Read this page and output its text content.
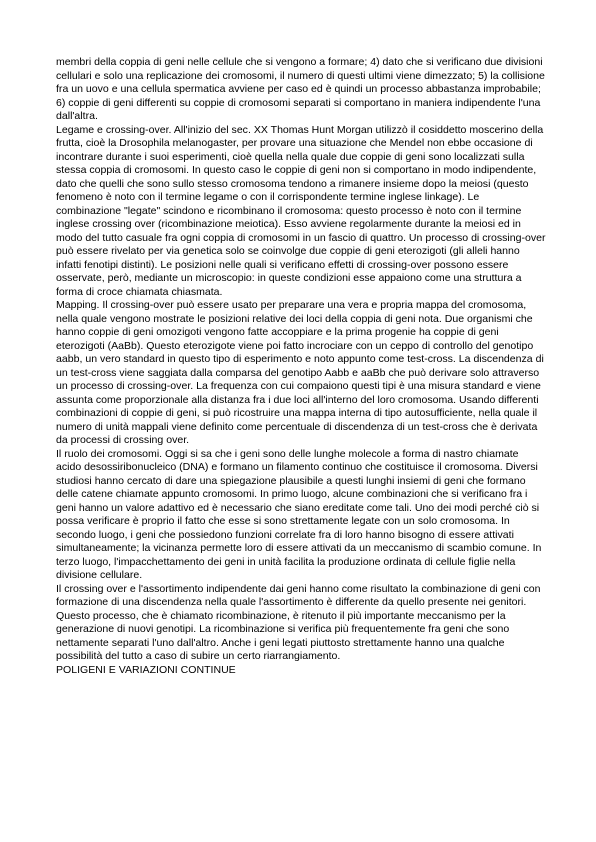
membri della coppia di geni nelle cellule che si vengono a formare; 4) dato che si verificano due divisioni cellulari e solo una replicazione dei cromosomi, il numero di questi ultimi viene dimezzato; 5) la collisione fra un uovo e una cellula spermatica avviene per caso ed è quindi un processo abbastanza improbabile; 6) coppie di geni differenti su coppie di cromosomi separati si comportano in maniera indipendente l'una dall'altra.

Legame e crossing-over. All'inizio del sec. XX Thomas Hunt Morgan utilizzò il cosiddetto moscerino della frutta, cioè la Drosophila melanogaster, per provare una situazione che Mendel non ebbe occasione di incontrare durante i suoi esperimenti, cioè quella nella quale due coppie di geni sono localizzati sulla stessa coppia di cromosomi. In questo caso le coppie di geni non si comportano in modo indipendente, dato che quelli che sono sullo stesso cromosoma tendono a rimanere insieme dopo la meiosi (questo fenomeno è noto con il termine legame o con il corrispondente termine inglese linkage). Le combinazione "legate" scindono e ricombinano il cromosoma: questo processo è noto con il termine inglese crossing over (ricombinazione meiotica). Esso avviene regolarmente durante la meiosi ed in modo del tutto casuale fra ogni coppia di cromosomi in un fascio di quattro. Un processo di crossing-over può essere rivelato per via genetica solo se coinvolge due coppie di geni eterozigoti (gli alleli hanno infatti fenotipi distinti). Le posizioni nelle quali si verificano effetti di crossing-over possono essere osservate, però, mediante un microscopio: in queste condizioni esse appaiono come una struttura a forma di croce chiamata chiasmata.

Mapping. Il crossing-over può essere usato per preparare una vera e propria mappa del cromosoma, nella quale vengono mostrate le posizioni relative dei loci della coppia di geni nota. Due organismi che hanno coppie di geni omozigoti vengono fatte accoppiare e la prima progenie ha coppie di geni eterozigoti (AaBb). Questo eterozigote viene poi fatto incrociare con un ceppo di controllo del genotipo aabb, un vero standard in questo tipo di esperimento e noto appunto come test-cross. La discendenza di un test-cross viene saggiata dalla comparsa del genotipo Aabb e aaBb che può derivare solo attraverso un processo di crossing-over. La frequenza con cui compaiono questi tipi è una misura standard e viene assunta come proporzionale alla distanza fra i due loci all'interno del loro cromosoma. Usando differenti combinazioni di coppie di geni, si può ricostruire una mappa interna di tipo autosufficiente, nella quale il numero di unità mappali viene definito come percentuale di discendenza di un test-cross che è derivata da processi di crossing over.

Il ruolo dei cromosomi. Oggi si sa che i geni sono delle lunghe molecole a forma di nastro chiamate acido desossiribonucleico (DNA) e formano un filamento continuo che costituisce il cromosoma. Diversi studiosi hanno cercato di dare una spiegazione plausibile a questi lunghi insiemi di geni che formano delle catene chiamate appunto cromosomi. In primo luogo, alcune combinazioni che si verificano fra i geni hanno un valore adattivo ed è necessario che siano ereditate come tali. Uno dei modi perché ciò si possa verificare è proprio il fatto che esse si sono strettamente legate con un solo cromosoma. In secondo luogo, i geni che possiedono funzioni correlate fra di loro hanno bisogno di essere attivati simultaneamente; la vicinanza permette loro di essere attivati da un meccanismo di scambio comune. In terzo luogo, l'impacchettamento dei geni in unità facilita la produzione ordinata di cellule figlie nella divisione cellulare.

Il crossing over e l'assortimento indipendente dai geni hanno come risultato la combinazione di geni con formazione di una discendenza nella quale l'assortimento è differente da quello presente nei genitori. Questo processo, che è chiamato ricombinazione, è ritenuto il più importante meccanismo per la generazione di nuovi genotipi. La ricombinazione si verifica più frequentemente fra geni che sono nettamente separati l'uno dall'altro. Anche i geni legati piuttosto strettamente hanno una qualche possibilità del tutto a caso di subire un certo riarrangiamento.

POLIGENI E VARIAZIONI CONTINUE
